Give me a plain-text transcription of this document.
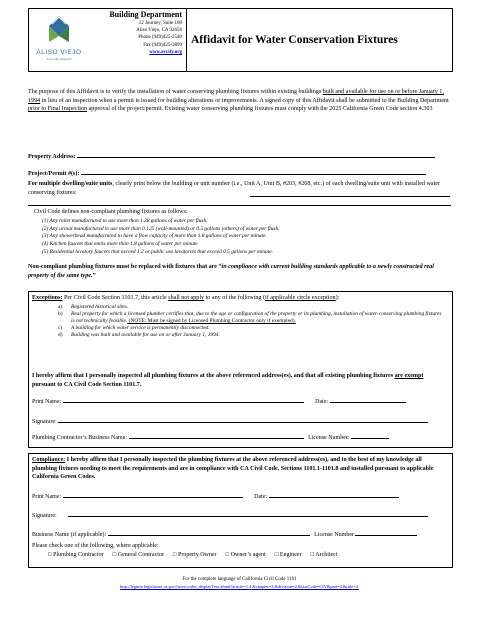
ALISO VIEJO
Live Life Inspired
Building Department
12 Journey, Suite 100
Aliso Viejo, CA 92656
Phone (949)425-2540
Fax (949)425-3899
www.avcity.org
Affidavit for Water Conservation Fixtures
The purpose of this Affidavit is to verify the installation of water conserving plumbing fixtures within existing buildings built and available for use on or before January 1, 1994 in lieu of an inspection when a permit is issued for building alterations or improvements. A signed copy of this Affidavit shall be submitted to the Building Department prior to Final Inspection approval of the project/permit. Existing water conserving plumbing fixtures must comply with the 2025 California Green Code section 4.303
Property Address:
Project/Permit #(s):
For multiple dwelling/suite units, clearly print below the building or unit number (i.e., Unit A, Unit B, #203, #208, etc.) of each dwelling/suite unit with installed water conserving fixtures:
Civil Code defines non-compliant plumbing fixtures as follows:
(1) Any toilet manufactured to use more than 1.28 gallons of water per flush.
(2) Any urinal manufactured to use more than 0.125 (wall-mounted) or 0.5 gallons (others) of water per flush.
(3) Any showerhead manufactured to have a flow capacity of more than 1.8 gallons of water per minute.
(4) Kitchen faucets that emits more than 1.8 gallons of water per minute
(5) Residential lavatory faucets that exceed 1.2 or public use lavatories that exceed 0.5 gallons per minute.
Non-compliant plumbing fixtures must be replaced with fixtures that are “in compliance with current building standards applicable to a newly constructed real property of the same type.”
Exceptions: Per Civil Code Section 1101.7, this article shall not apply to any of the following (if applicable circle exception):
a)	Registered historical sites.
b)	Real property for which a licensed plumber certifies that, due to the age or configuration of the property or its plumbing, installation of water-conserving plumbing fixtures is not technically feasible. (NOTE: Must be signed by Licensed Plumbing Contractor only if exempted).
c)	A building for which water service is permanently disconnected.
d)	Building was built and available for use on or after January 1, 1994.
I hereby affirm that I personally inspected all plumbing fixtures at the above referenced address(es), and that all existing plumbing fixtures are exempt pursuant to CA Civil Code Section 1101.7.
Print Name:	Date:
Signature:
Plumbing Contractor’s Business Name:	License Number:
Compliance: I hereby affirm that I personally inspected the plumbing fixtures at the above referenced address(es), and to the best of my knowledge all plumbing fixtures needing to meet the requirements and are in compliance with CA Civil Code, Sections 1101.1-1101.8 and installed pursuant to applicable California Green Codes.
Print Name:	Date:
Signature:
Business Name (if applicable):	License Number
Please check one of the following, where applicable:
□ Plumbing Contractor □ General Contractor □ Property Owner □ Owner’s agent □ Engineer □ Architect
For the complete language of California Civil Code 1101
http://leginfo.legislature.ca.gov/faces/codes_displayText.xhtml?article=1.4.&chapter=2.&division=2.&lawCode=CIV&part=4.&title=4.
